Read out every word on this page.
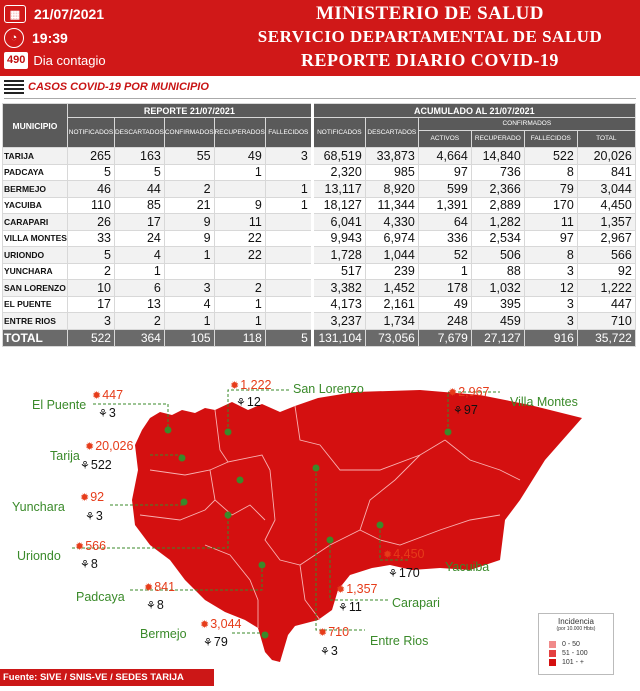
▦ 21/07/2021
◔	19:39
490 Dia contagio
MINISTERIO DE SALUD
SERVICIO DEPARTAMENTAL DE SALUD
REPORTE DIARIO COVID-19
CASOS COVID-19 POR MUNICIPIO
MUNICIPIO	REPORTE 21/07/2021					ACUMULADO AL 21/07/2021					
	NOTIFICADOS	DESCARTADOS	CONFIRMADOS	RECUPERADOS	FALLECIDOS	NOTIFICADOS	DESCARTADOS	CONFIRMADOS			
								ACTIVOS	RECUPERADO	FALLECIDOS	TOTAL
TARIJA	265	163	55	49	3	68,519	33,873	4,664	14,840	522	20,026
PADCAYA	5	5		1		2,320	985	97	736	8	841
BERMEJO	46	44	2		1	13,117	8,920	599	2,366	79	3,044
YACUIBA	110	85	21	9	1	18,127	11,344	1,391	2,889	170	4,450
CARAPARI	26	17	9	11		6,041	4,330	64	1,282	11	1,357
VILLA MONTES	33	24	9	22		9,943	6,974	336	2,534	97	2,967
URIONDO	5	4	1	22		1,728	1,044	52	506	8	566
YUNCHARA	2	1				517	239	1	88	3	92
SAN LORENZO	10	6	3	2		3,382	1,452	178	1,032	12	1,222
EL PUENTE	17	13	4	1		4,173	2,161	49	395	3	447
ENTRE RIOS	3	2	1	1		3,237	1,734	248	459	3	710
TOTAL	522	364	105	118	5	131,104	73,056	7,679	27,127	916	35,722
El Puente
✹ 447
⚘ 3
San Lorenzo
✹ 1,222
⚘ 12	Villa Montes
✹ 2,967
⚘ 97
Tarija
✹ 20,026
⚘ 522
Yunchara
✹ 92
⚘ 3
Uriondo
✹ 566
⚘ 8	Yacuiba
✹ 4,450
⚘ 170
Carapari
✹ 1,357
⚘ 11
Padcaya
✹ 841
⚘ 8
Bermejo
✹ 3,044
⚘ 79	Entre Rios
✹ 710
⚘ 3
Incidencia
(por 10.000 Hbts)
0 - 50
51 - 100
101 - +
Fuente: SIVE / SNIS-VE / SEDES TARIJA
